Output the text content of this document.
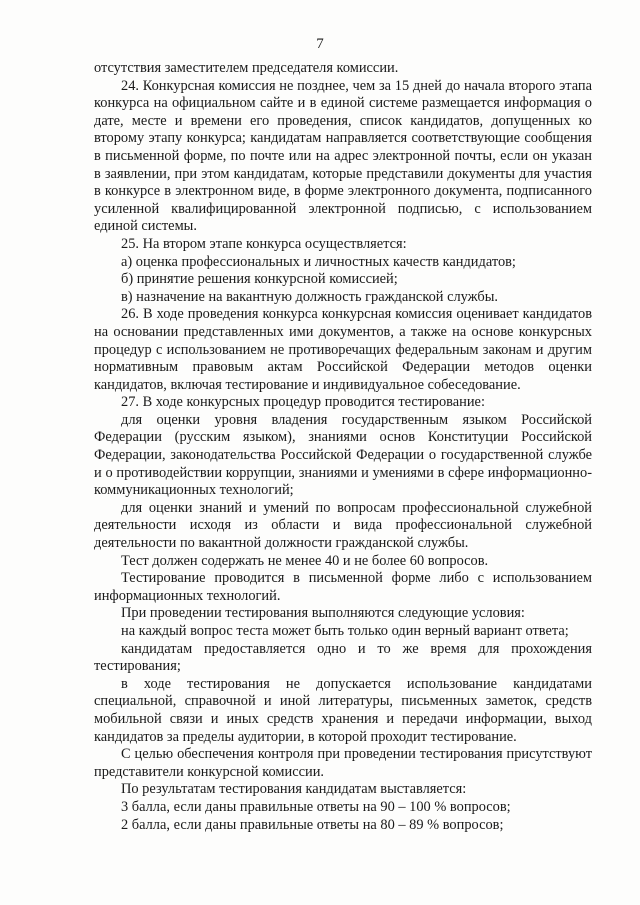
7

отсутствия заместителем председателя комиссии.

24. Конкурсная комиссия не позднее, чем за 15 дней до начала второго этапа конкурса на официальном сайте и в единой системе размещается информация о дате, месте и времени его проведения, список кандидатов, допущенных ко второму этапу конкурса; кандидатам направляется соответствующие сообщения в письменной форме, по почте или на адрес электронной почты, если он указан в заявлении, при этом кандидатам, которые представили документы для участия в конкурсе в электронном виде, в форме электронного документа, подписанного усиленной квалифицированной электронной подписью, с использованием единой системы.

25. На втором этапе конкурса осуществляется:

а) оценка профессиональных и личностных качеств кандидатов;

б) принятие решения конкурсной комиссией;

в) назначение на вакантную должность гражданской службы.

26. В ходе проведения конкурса конкурсная комиссия оценивает кандидатов на основании представленных ими документов, а также на основе конкурсных процедур с использованием не противоречащих федеральным законам и другим нормативным правовым актам Российской Федерации методов оценки кандидатов, включая тестирование и индивидуальное собеседование.

27. В ходе конкурсных процедур проводится тестирование:

для оценки уровня владения государственным языком Российской Федерации (русским языком), знаниями основ Конституции Российской Федерации, законодательства Российской Федерации о государственной службе и о противодействии коррупции, знаниями и умениями в сфере информационно-коммуникационных технологий;

для оценки знаний и умений по вопросам профессиональной служебной деятельности исходя из области и вида профессиональной служебной деятельности по вакантной должности гражданской службы.

Тест должен содержать не менее 40 и не более 60 вопросов.

Тестирование проводится в письменной форме либо с использованием информационных технологий.

При проведении тестирования выполняются следующие условия:

на каждый вопрос теста может быть только один верный вариант ответа;

кандидатам предоставляется одно и то же время для прохождения тестирования;

в ходе тестирования не допускается использование кандидатами специальной, справочной и иной литературы, письменных заметок, средств мобильной связи и иных средств хранения и передачи информации, выход кандидатов за пределы аудитории, в которой проходит тестирование.

С целью обеспечения контроля при проведении тестирования присутствуют представители конкурсной комиссии.

По результатам тестирования кандидатам выставляется:

3 балла, если даны правильные ответы на 90 – 100 % вопросов;

2 балла, если даны правильные ответы на 80 – 89 % вопросов;
